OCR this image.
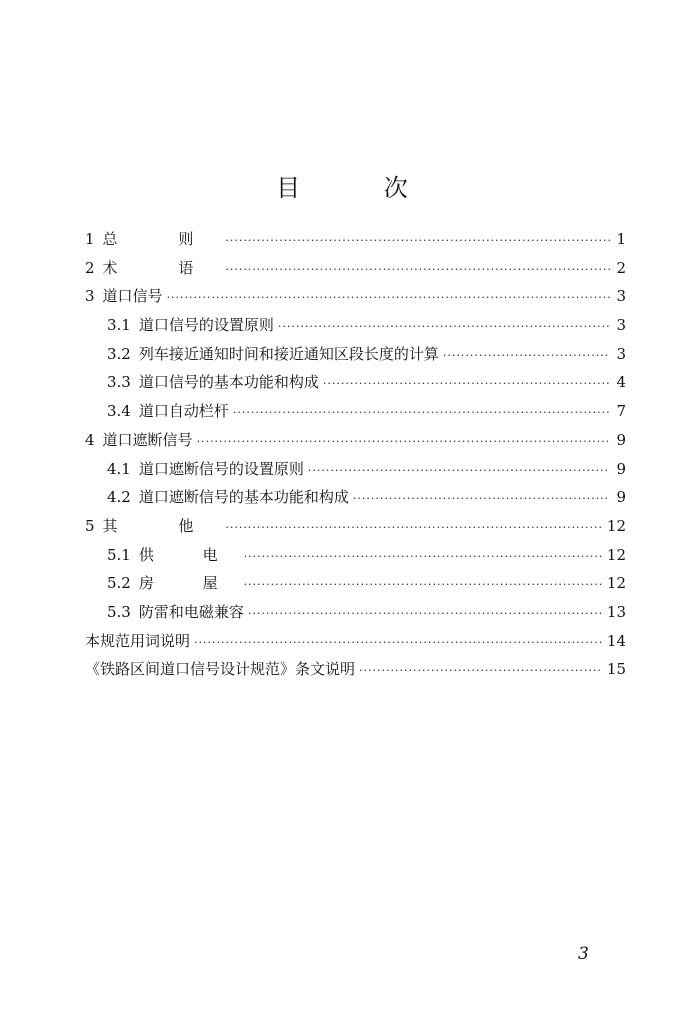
目 次
1 总 则 ·····	1
2 术 语 ·····	2
3 道口信号 ·····	3
3.1 道口信号的设置原则 ·····	3
3.2 列车接近通知时间和接近通知区段长度的计算 ·····	3
3.3 道口信号的基本功能和构成 ·····	4
3.4 道口自动栏杆 ·····	7
4 道口遮断信号 ·····	9
4.1 道口遮断信号的设置原则 ·····	9
4.2 道口遮断信号的基本功能和构成 ·····	9
5 其 他 ·····	12
5.1 供 电 ·····	12
5.2 房 屋 ·····	12
5.3 防雷和电磁兼容 ·····	13
本规范用词说明 ·····	14
《铁路区间道口信号设计规范》条文说明 ·····	15

3
